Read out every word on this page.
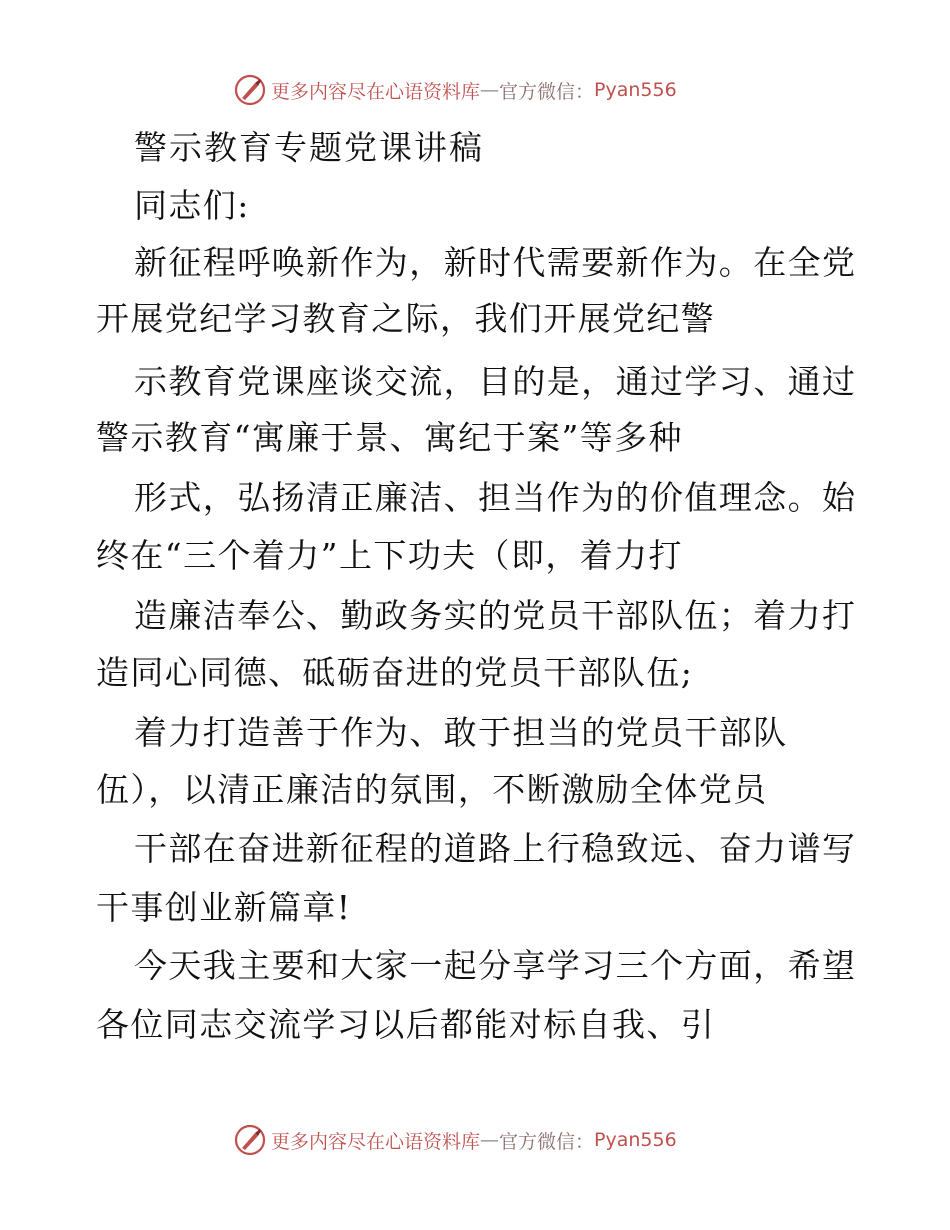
更多内容尽在心语资料库 — 官方微信： Pyan556
警示教育专题党课讲稿
同志们:
新征程呼唤新作为，新时代需要新作为。在全党
开展党纪学习教育之际，我们开展党纪警
示教育党课座谈交流，目的是，通过学习、通过
警示教育“寓廉于景、寓纪于案”等多种
形式，弘扬清正廉洁、担当作为的价值理念。始
终在“三个着力”上下功夫（即，着力打
造廉洁奉公、勤政务实的党员干部队伍；着力打
造同心同德、砥砺奋进的党员干部队伍;
着力打造善于作为、敢于担当的党员干部队
伍），以清正廉洁的氛围，不断激励全体党员
干部在奋进新征程的道路上行稳致远、奋力谱写
干事创业新篇章!
今天我主要和大家一起分享学习三个方面，希望
各位同志交流学习以后都能对标自我、引
更多内容尽在心语资料库 — 官方微信： Pyan556
